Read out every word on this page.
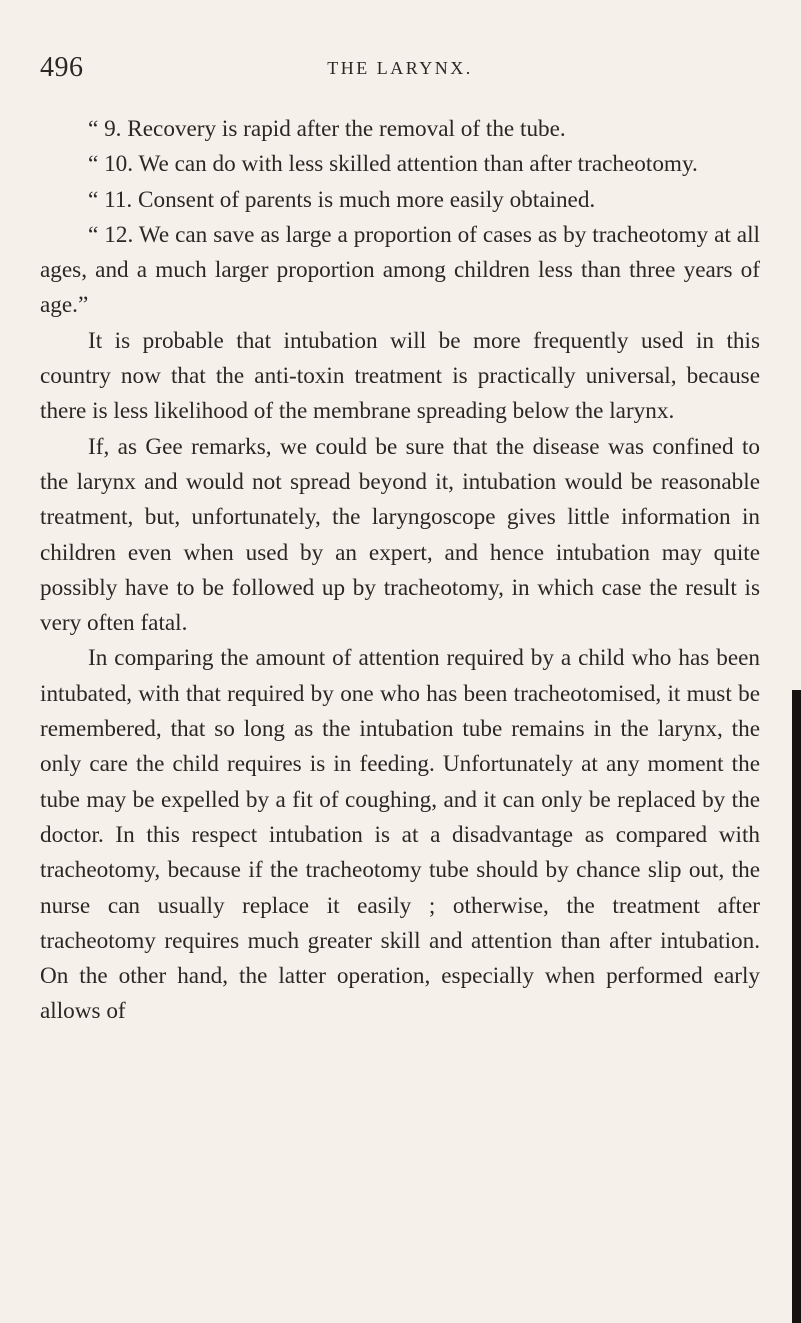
496	THE LARYNX.

“ 9. Recovery is rapid after the removal of the tube.

“ 10. We can do with less skilled attention than after tracheotomy.

“ 11. Consent of parents is much more easily obtained.

“ 12. We can save as large a proportion of cases as by tracheotomy at all ages, and a much larger proportion among children less than three years of age.”

It is probable that intubation will be more frequently used in this country now that the anti-toxin treatment is practically universal, because there is less likelihood of the membrane spreading below the larynx.

If, as Gee remarks, we could be sure that the disease was confined to the larynx and would not spread beyond it, intubation would be reasonable treatment, but, unfortunately, the laryngoscope gives little information in children even when used by an expert, and hence intubation may quite possibly have to be followed up by tracheotomy, in which case the result is very often fatal.

In comparing the amount of attention required by a child who has been intubated, with that required by one who has been tracheotomised, it must be remembered, that so long as the intubation tube remains in the larynx, the only care the child requires is in feeding. Unfortunately at any moment the tube may be expelled by a fit of coughing, and it can only be replaced by the doctor. In this respect intubation is at a disadvantage as compared with tracheotomy, because if the tracheotomy tube should by chance slip out, the nurse can usually replace it easily ; otherwise, the treatment after tracheotomy requires much greater skill and attention than after intubation. On the other hand, the latter operation, especially when performed early allows of
